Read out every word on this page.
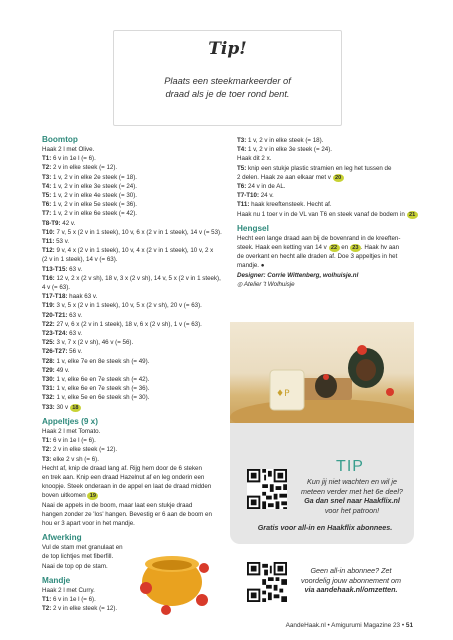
Tip!
Plaats een steekmarkeerder of
draad als je de toer rond bent.
Boomtop
Haak 2 l met Olive.
T1: 6 v in 1e l (= 6).
T2: 2 v in elke steek (= 12).
T3: 1 v, 2 v in elke 2e steek (= 18).
T4: 1 v, 2 v in elke 3e steek (= 24).
T5: 1 v, 2 v in elke 4e steek (= 30).
T6: 1 v, 2 v in elke 5e steek (= 36).
T7: 1 v, 2 v in elke 6e steek (= 42).
T8-T9: 42 v.
T10: 7 v, 5 x (2 v in 1 steek), 10 v, 6 x (2 v in 1 steek), 14 v (= 53).
T11: 53 v.
T12: 9 v, 4 x (2 v in 1 steek), 10 v, 4 x (2 v in 1 steek), 10 v, 2 x
(2 v in 1 steek), 14 v (= 63).
T13-T15: 63 v.
T16: 12 v, 2 x (2 v sh), 18 v, 3 x (2 v sh), 14 v, 5 x (2 v in 1 steek),
4 v (= 63).
T17-T18: haak 63 v.
T19: 3 v, 5 x (2 v in 1 steek), 10 v, 5 x (2 v sh), 20 v (= 63).
T20-T21: 63 v.
T22: 27 v, 6 x (2 v in 1 steek), 18 v, 6 x (2 v sh), 1 v (= 63).
T23-T24: 63 v.
T25: 3 v, 7 x (2 v sh), 46 v (= 56).
T26-T27: 56 v.
T28: 1 v, elke 7e en 8e steek sh (= 49).
T29: 49 v.
T30: 1 v, elke 6e en 7e steek sh (= 42).
T31: 1 v, elke 6e en 7e steek sh (= 36).
T32: 1 v, elke 5e en 6e steek sh (= 30).
T33: 30 v 18
Appeltjes (9 x)
Haak 2 l met Tomato.
T1: 6 v in 1e l (= 6).
T2: 2 v in elke steek (= 12).
T3: elke 2 v sh (= 6).
Hecht af, knip de draad lang af. Rijg hem door de 6 steken
en trek aan. Knip een draad Hazelnut af en leg onderin een
knoopje. Steek onderaan in de appel en laat de draad midden
boven uitkomen 19
Naai de appels in de boom, maar laat een stukje draad
hangen zonder ze 'los' hangen. Bevestig er 6 aan de boom en
hou er 3 apart voor in het mandje.
Afwerking
Vul de stam met granulaat en
de top lichtjes met fiberfill.
Naai de top op de stam.
Mandje
Haak 2 l met Curry.
T1: 6 v in 1e l (= 6).
T2: 2 v in elke steek (= 12).
T3: 1 v, 2 v in elke steek (= 18).
T4: 1 v, 2 v in elke 3e steek (= 24).
Haak dit 2 x.
T5: knip een stukje plastic stramien en leg het tussen de
2 delen. Haak ze aan elkaar met v 20
T6: 24 v in de AL.
T7-T10: 24 v.
T11: haak kreeftensteek. Hecht af.
Haak nu 1 toer v in de VL van T6 en steek vanaf de bodem in 21
Hengsel
Hecht een lange draad aan bij de bovenrand in de kreeften-
steek. Haak een ketting van 14 v 22 en 23 . Haak hv aan
de overkant en hecht alle draden af. Doe 3 appeltjes in het
mandje. ●
Designer: Corrie Wittenberg, wolhuisje.nl
◎ Atelier 't Wolhuisje
♦P
TIP
Kun jij niet wachten en wil je
meteen verder met het 6e deel?
Ga dan snel naar Haakflix.nl
voor het patroon!
Gratis voor all-in en Haakflix abonnees.
Geen all-in abonnee? Zet
voordelig jouw abonnement om
via aandehaak.nl/omzetten.
AandeHaak.nl • Amigurumi Magazine 23 • 51
